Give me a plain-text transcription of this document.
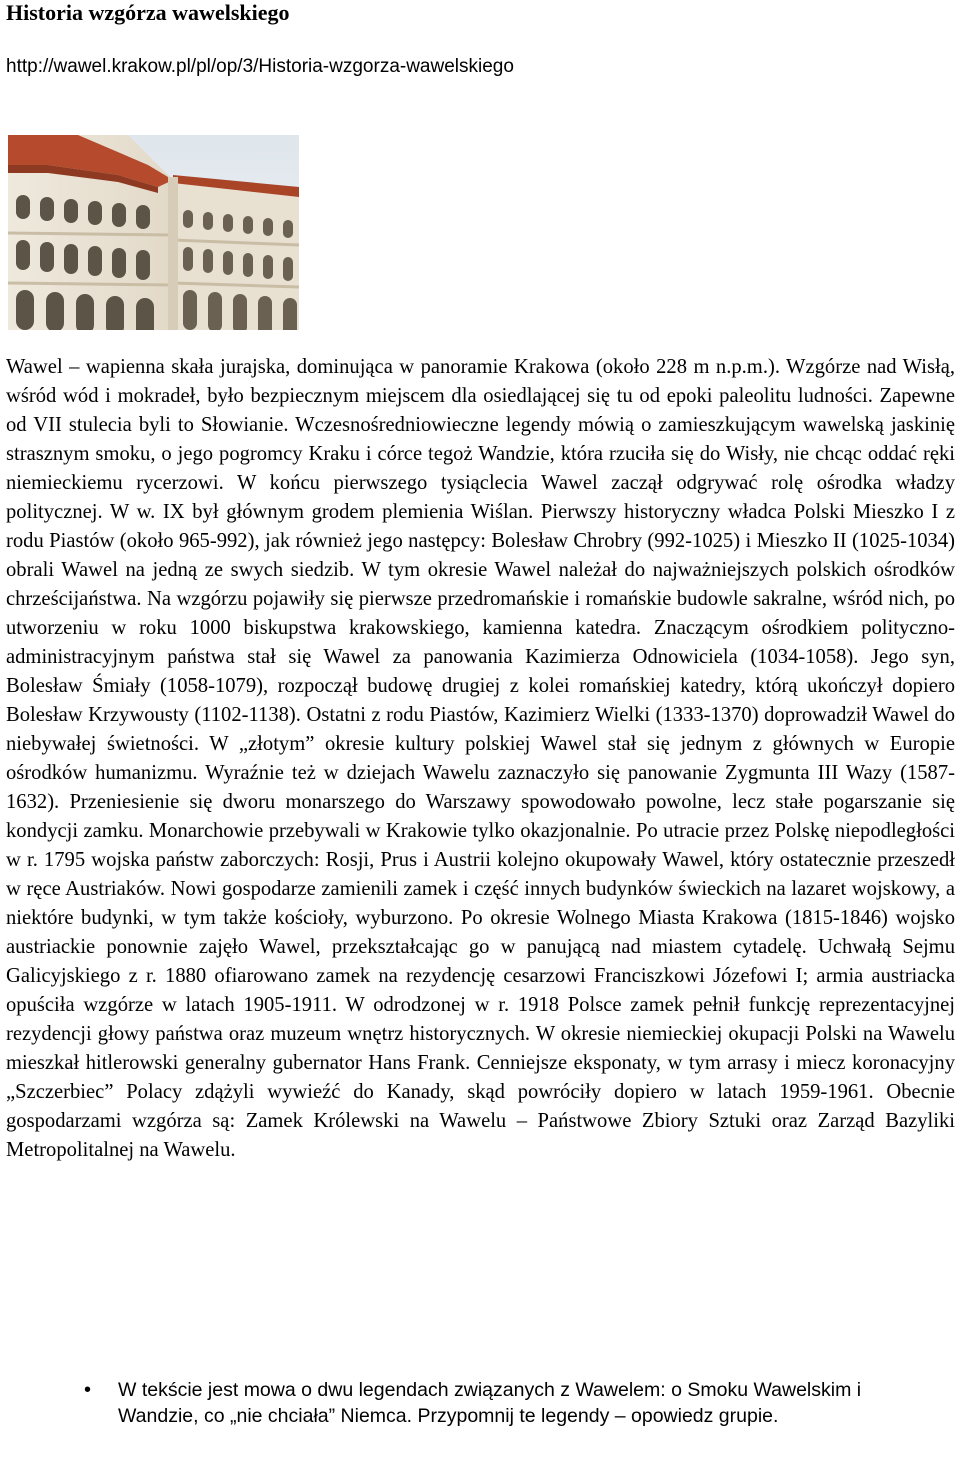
Historia wzgórza wawelskiego
http://wawel.krakow.pl/pl/op/3/Historia-wzgorza-wawelskiego

Wawel – wapienna skała jurajska, dominująca w panoramie Krakowa (około 228 m n.p.m.). Wzgórze nad Wisłą, wśród wód i mokradeł, było bezpiecznym miejscem dla osiedlającej się tu od epoki paleolitu ludności. Zapewne od VII stulecia byli to Słowianie. Wczesnośredniowieczne legendy mówią o zamieszkującym wawelską jaskinię strasznym smoku, o jego pogromcy Kraku i córce tegoż Wandzie, która rzuciła się do Wisły, nie chcąc oddać ręki niemieckiemu rycerzowi. W końcu pierwszego tysiąclecia Wawel zaczął odgrywać rolę ośrodka władzy politycznej. W w. IX był głównym grodem plemienia Wiślan. Pierwszy historyczny władca Polski Mieszko I z rodu Piastów (około 965-992), jak również jego następcy: Bolesław Chrobry (992-1025) i Mieszko II (1025-1034) obrali Wawel na jedną ze swych siedzib. W tym okresie Wawel należał do najważniejszych polskich ośrodków chrześcijaństwa. Na wzgórzu pojawiły się pierwsze przedromańskie i romańskie budowle sakralne, wśród nich, po utworzeniu w roku 1000 biskupstwa krakowskiego, kamienna katedra. Znaczącym ośrodkiem polityczno-administracyjnym państwa stał się Wawel za panowania Kazimierza Odnowiciela (1034-1058). Jego syn, Bolesław Śmiały (1058-1079), rozpoczął budowę drugiej z kolei romańskiej katedry, którą ukończył dopiero Bolesław Krzywousty (1102-1138). Ostatni z rodu Piastów, Kazimierz Wielki (1333-1370) doprowadził Wawel do niebywałej świetności. W „złotym” okresie kultury polskiej Wawel stał się jednym z głównych w Europie ośrodków humanizmu. Wyraźnie też w dziejach Wawelu zaznaczyło się panowanie Zygmunta III Wazy (1587-1632). Przeniesienie się dworu monarszego do Warszawy spowodowało powolne, lecz stałe pogarszanie się kondycji zamku. Monarchowie przebywali w Krakowie tylko okazjonalnie. Po utracie przez Polskę niepodległości w r. 1795 wojska państw zaborczych: Rosji, Prus i Austrii kolejno okupowały Wawel, który ostatecznie przeszedł w ręce Austriaków. Nowi gospodarze zamienili zamek i część innych budynków świeckich na lazaret wojskowy, a niektóre budynki, w tym także kościoły, wyburzono. Po okresie Wolnego Miasta Krakowa (1815-1846) wojsko austriackie ponownie zajęło Wawel, przekształcając go w panującą nad miastem cytadelę. Uchwałą Sejmu Galicyjskiego z r. 1880 ofiarowano zamek na rezydencję cesarzowi Franciszkowi Józefowi I; armia austriacka opuściła wzgórze w latach 1905-1911. W odrodzonej w r. 1918 Polsce zamek pełnił funkcję reprezentacyjnej rezydencji głowy państwa oraz muzeum wnętrz historycznych. W okresie niemieckiej okupacji Polski na Wawelu mieszkał hitlerowski generalny gubernator Hans Frank. Cenniejsze eksponaty, w tym arrasy i miecz koronacyjny „Szczerbiec” Polacy zdążyli wywieźć do Kanady, skąd powróciły dopiero w latach 1959-1961. Obecnie gospodarzami wzgórza są: Zamek Królewski na Wawelu – Państwowe Zbiory Sztuki oraz Zarząd Bazyliki Metropolitalnej na Wawelu.

• W tekście jest mowa o dwu legendach związanych z Wawelem: o Smoku Wawelskim i Wandzie, co „nie chciała” Niemca. Przypomnij te legendy – opowiedz grupie.
